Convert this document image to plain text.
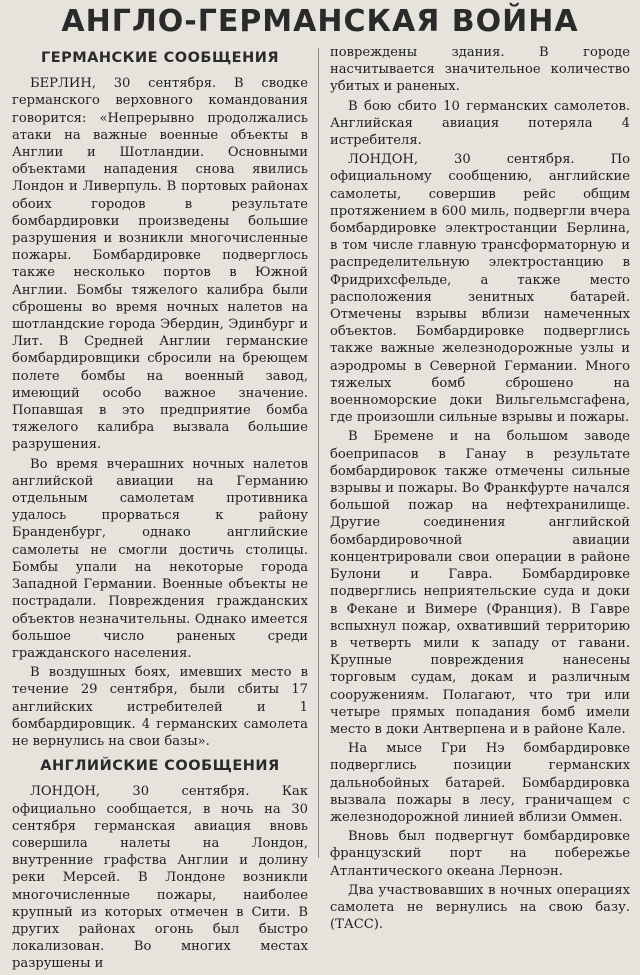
АНГЛО-ГЕРМАНСКАЯ ВОЙНА
ГЕРМАНСКИЕ СООБЩЕНИЯ

БЕРЛИН, 30 сентября. В сводке германского верховного командования говорится: «Непрерывно продолжались атаки на важные военные объекты в Англии и Шотландии. Основными объектами нападения снова явились Лондон и Ливерпуль. В портовых районах обоих городов в результате бомбардировки произведены большие разрушения и возникли многочисленные пожары. Бомбардировке подверглось также несколько портов в Южной Англии. Бомбы тяжелого калибра были сброшены во время ночных налетов на шотландские города Эбердин, Эдинбург и Лит. В Средней Англии германские бомбардировщики сбросили на бреющем полете бомбы на военный завод, имеющий особо важное значение. Попавшая в это предприятие бомба тяжелого калибра вызвала большие разрушения.

Во время вчерашних ночных налетов английской авиации на Германию отдельным самолетам противника удалось прорваться к району Бранденбург, однако английские самолеты не смогли достичь столицы. Бомбы упали на некоторые города Западной Германии. Военные объекты не пострадали. Повреждения гражданских объектов незначительны. Однако имеется большое число раненых среди гражданского населения.

В воздушных боях, имевших место в течение 29 сентября, были сбиты 17 английских истребителей и 1 бомбардировщик. 4 германских самолета не вернулись на свои базы».

АНГЛИЙСКИЕ СООБЩЕНИЯ

ЛОНДОН, 30 сентября. Как официально сообщается, в ночь на 30 сентября германская авиация вновь совершила налеты на Лондон, внутренние графства Англии и долину реки Мерсей. В Лондоне возникли многочисленные пожары, наиболее крупный из которых отмечен в Сити. В других районах огонь был быстро локализован. Во многих местах разрушены и

повреждены здания. В городе насчитывается значительное количество убитых и раненых.

В бою сбито 10 германских самолетов. Английская авиация потеряла 4 истребителя.

ЛОНДОН, 30 сентября. По официальному сообщению, английские самолеты, совершив рейс общим протяжением в 600 миль, подвергли вчера бомбардировке электростанции Берлина, в том числе главную трансформаторную и распределительную электростанцию в Фридрихсфельде, а также место расположения зенитных батарей. Отмечены взрывы вблизи намеченных объектов. Бомбардировке подверглись также важные железнодорожные узлы и аэродромы в Северной Германии. Много тяжелых бомб сброшено на военноморские доки Вильгельмсгафена, где произошли сильные взрывы и пожары.

В Бремене и на большом заводе боеприпасов в Ганау в результате бомбардировок также отмечены сильные взрывы и пожары. Во Франкфурте начался большой пожар на нефтехранилище. Другие соединения английской бомбардировочной авиации концентрировали свои операции в районе Булони и Гавра. Бомбардировке подверглись неприятельские суда и доки в Фекане и Вимере (Франция). В Гавре вспыхнул пожар, охвативший территорию в четверть мили к западу от гавани. Крупные повреждения нанесены торговым судам, докам и различным сооружениям. Полагают, что три или четыре прямых попадания бомб имели место в доки Антверпена и в районе Кале.

На мысе Гри Нэ бомбардировке подверглись позиции германских дальнобойных батарей. Бомбардировка вызвала пожары в лесу, граничащем с железнодорожной линией вблизи Оммен.

Вновь был подвергнут бомбардировке французский порт на побережье Атлантического океана Лерноэн.

Два участвовавших в ночных операциях самолета не вернулись на свою базу. (ТАСС).
